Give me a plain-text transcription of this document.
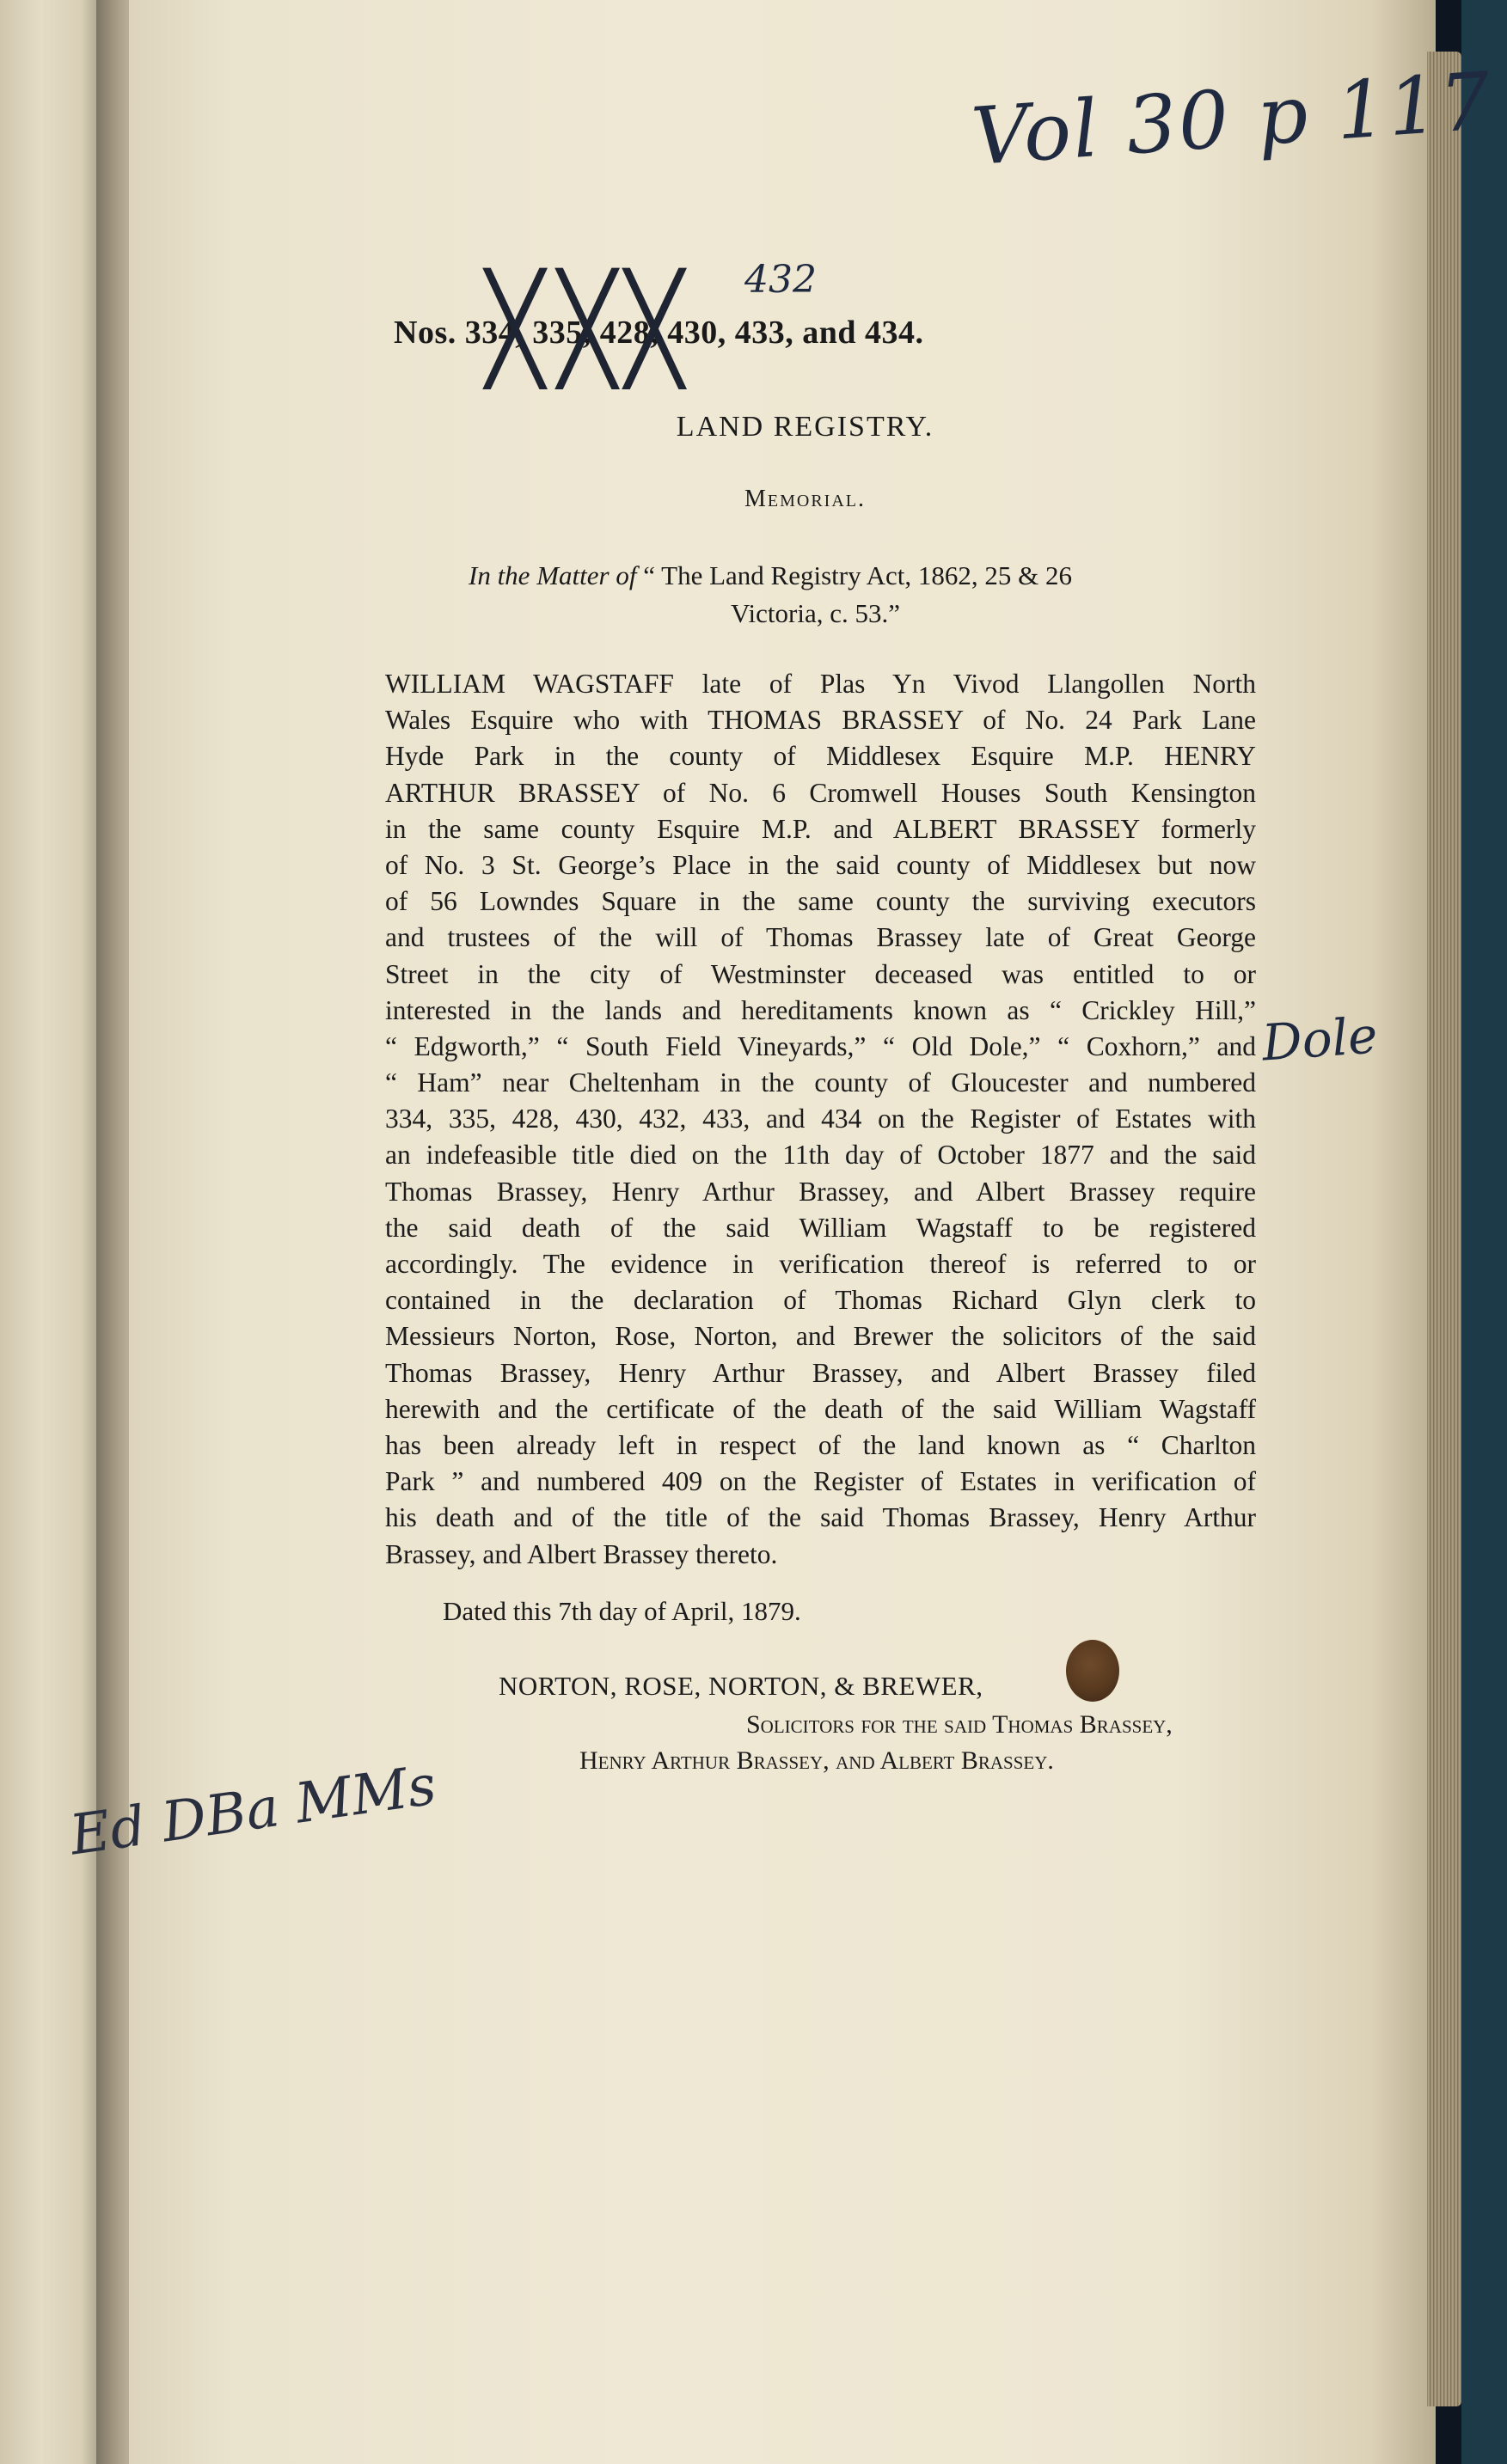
Vol 30 p 117
432
Nos. 334, 335, 428, 430, 433, and 434.
╳ ╳ ╳
LAND REGISTRY.
Memorial.
In the Matter of “ The Land Registry Act, 1862, 25 & 26
Victoria, c. 53.”
WILLIAM WAGSTAFF late of Plas Yn Vivod Llangollen North
Wales Esquire who with THOMAS BRASSEY of No. 24 Park Lane
Hyde Park in the county of Middlesex Esquire M.P. HENRY
ARTHUR BRASSEY of No. 6 Cromwell Houses South Kensington
in the same county Esquire M.P. and ALBERT BRASSEY formerly
of No. 3 St. George’s Place in the said county of Middlesex but now
of 56 Lowndes Square in the same county the surviving executors
and trustees of the will of Thomas Brassey late of Great George
Street in the city of Westminster deceased was entitled to or
interested in the lands and hereditaments known as “ Crickley Hill,”
“ Edgworth,” “ South Field Vineyards,” “ Old Dole,” “ Coxhorn,” and
“ Ham” near Cheltenham in the county of Gloucester and numbered
334, 335, 428, 430, 432, 433, and 434 on the Register of Estates with
an indefeasible title died on the 11th day of October 1877 and the said
Thomas Brassey, Henry Arthur Brassey, and Albert Brassey require
the said death of the said William Wagstaff to be registered
accordingly. The evidence in verification thereof is referred to or
contained in the declaration of Thomas Richard Glyn clerk to
Messieurs Norton, Rose, Norton, and Brewer the solicitors of the said
Thomas Brassey, Henry Arthur Brassey, and Albert Brassey filed
herewith and the certificate of the death of the said William Wagstaff
has been already left in respect of the land known as “ Charlton
Park ” and numbered 409 on the Register of Estates in verification of
his death and of the title of the said Thomas Brassey, Henry Arthur
Brassey, and Albert Brassey thereto.
Dole
Dated this 7th day of April, 1879.
NORTON, ROSE, NORTON, & BREWER,
Solicitors for the said Thomas Brassey,
Henry Arthur Brassey, and Albert Brassey.
Ed DBa MMs
